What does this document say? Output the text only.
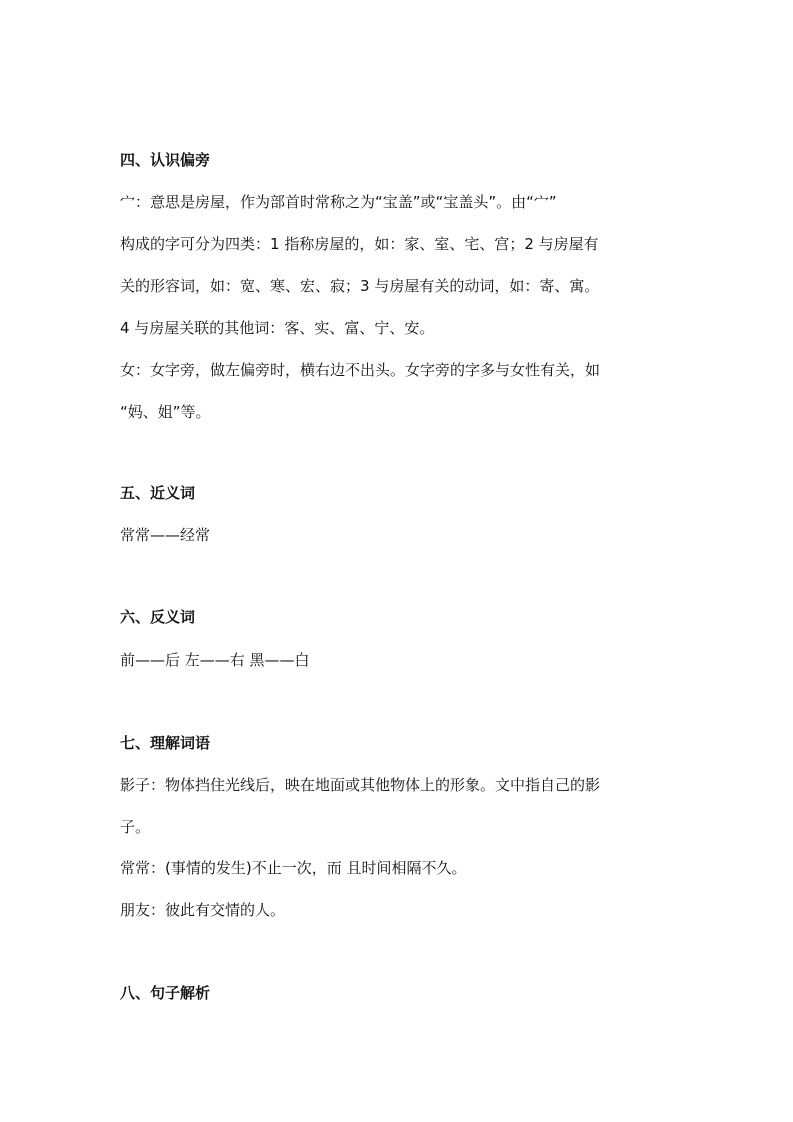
四、认识偏旁
宀：意思是房屋，作为部首时常称之为“宝盖”或“宝盖头”。由“宀”
构成的字可分为四类：1 指称房屋的，如：家、室、宅、宫；2 与房屋有
关的形容词，如：宽、寒、宏、寂；3 与房屋有关的动词，如：寄、寓。
4 与房屋关联的其他词：客、实、富、宁、安。
女：女字旁，做左偏旁时，横右边不出头。女字旁的字多与女性有关，如
“妈、姐”等。
五、近义词
常常——经常
六、反义词
前——后 左——右 黑——白
七、理解词语
影子：物体挡住光线后，映在地面或其他物体上的形象。文中指自己的影
子。
常常：(事情的发生)不止一次，而 且时间相隔不久。
朋友：彼此有交情的人。
八、句子解析
